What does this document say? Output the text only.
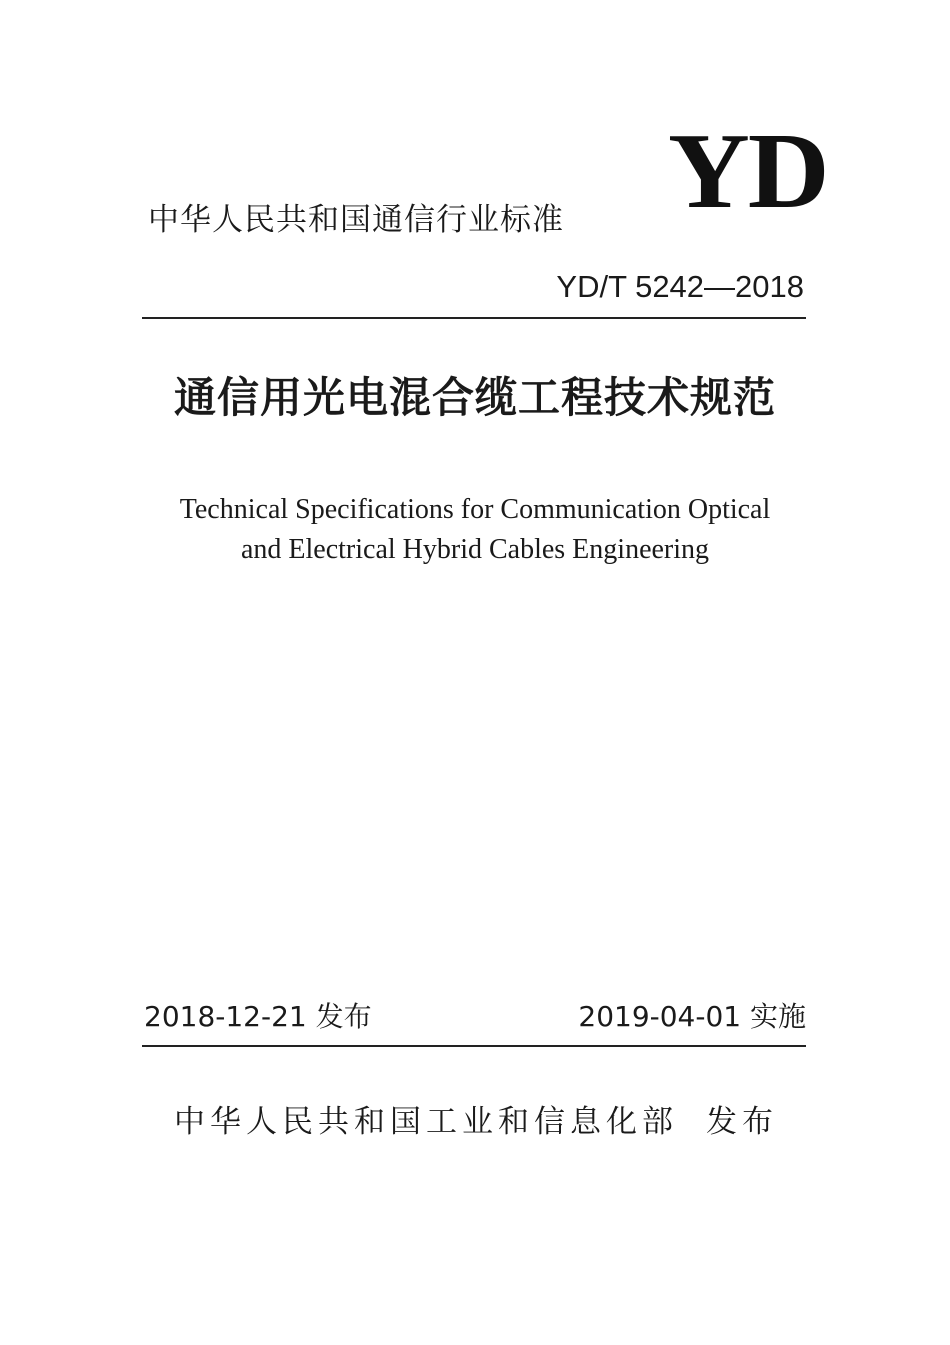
YD
中华人民共和国通信行业标准
YD/T 5242—2018
通信用光电混合缆工程技术规范
Technical Specifications for Communication Optical
and Electrical Hybrid Cables Engineering
2018-12-21 发布	2019-04-01 实施
中华人民共和国工业和信息化部 发布
